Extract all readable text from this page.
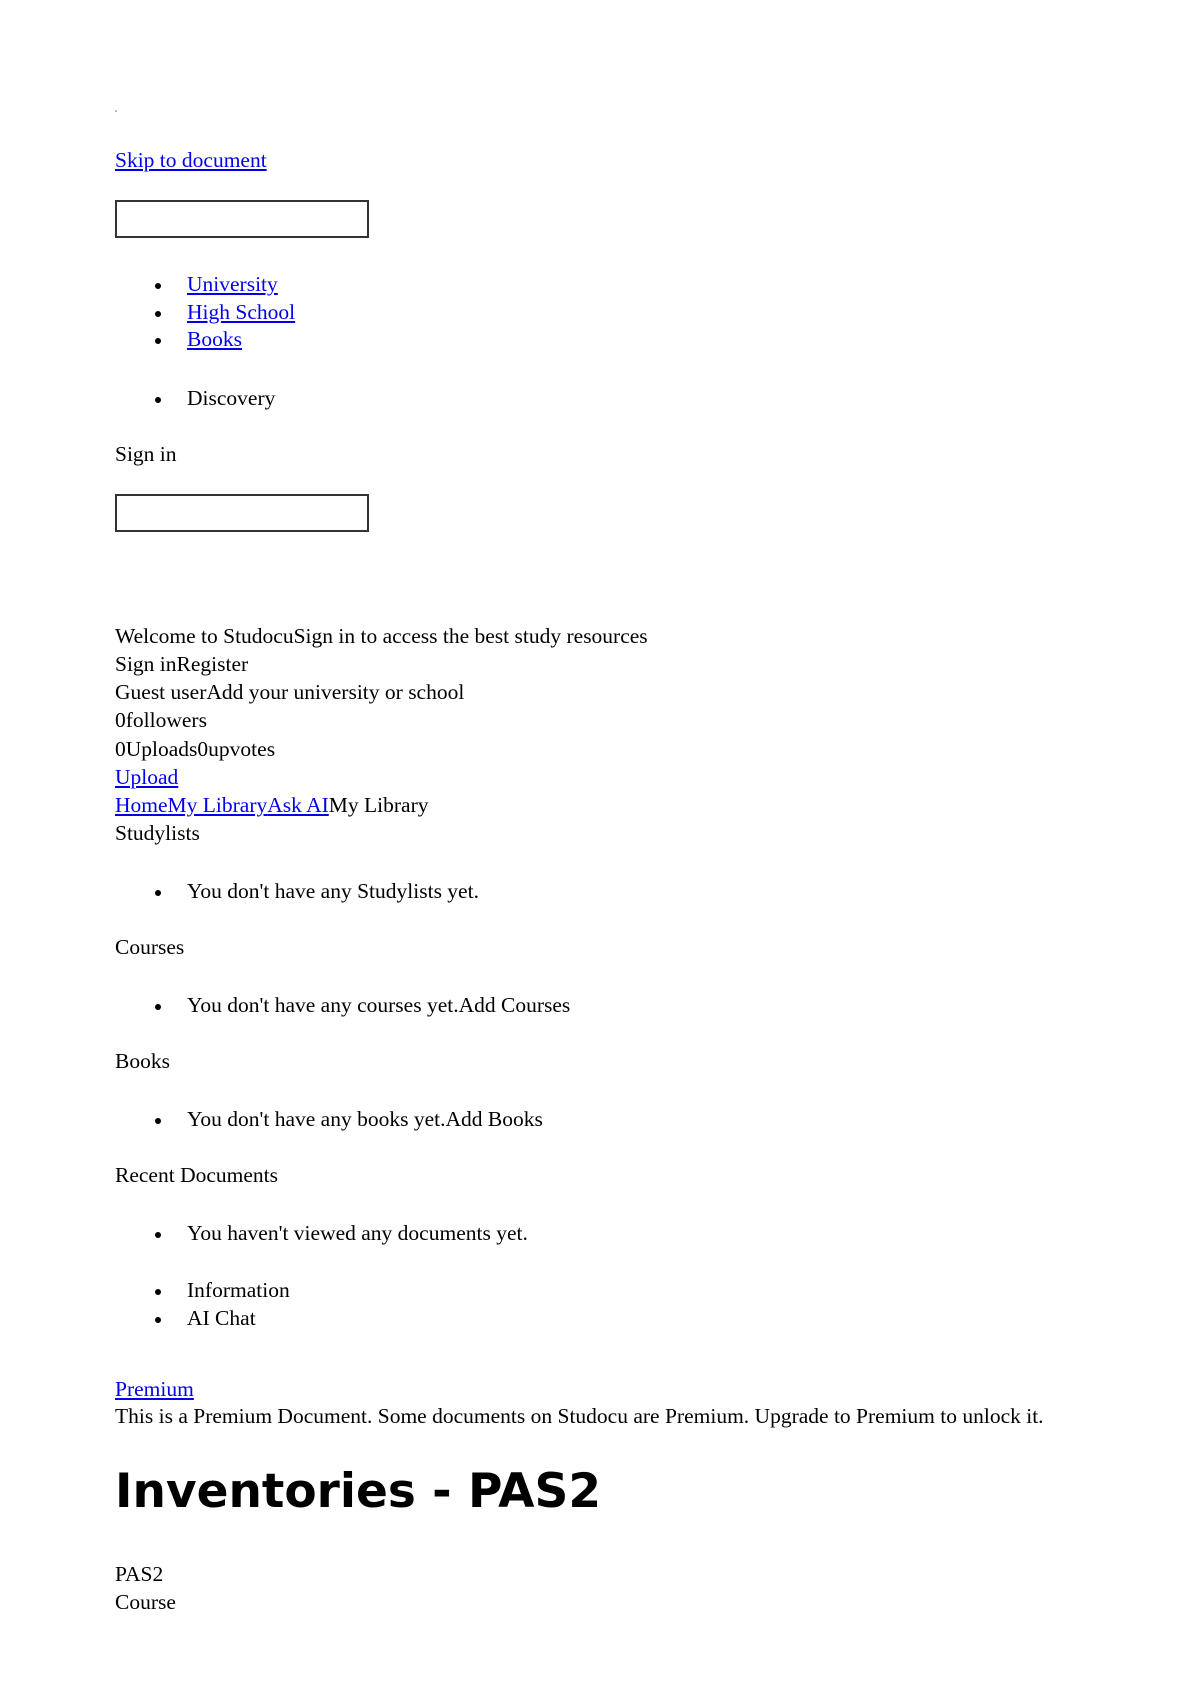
Skip to document
University
High School
Books
Discovery
Sign in
Welcome to StudocuSign in to access the best study resources
Sign inRegister
Guest userAdd your university or school
0followers
0Uploads0upvotes
Upload
HomeMy LibraryAsk AIMy Library
Studylists
You don't have any Studylists yet.
Courses
You don't have any courses yet.Add Courses
Books
You don't have any books yet.Add Books
Recent Documents
You haven't viewed any documents yet.
Information
AI Chat
Premium
This is a Premium Document. Some documents on Studocu are Premium. Upgrade to Premium to unlock it.
Inventories - PAS2
PAS2
Course
